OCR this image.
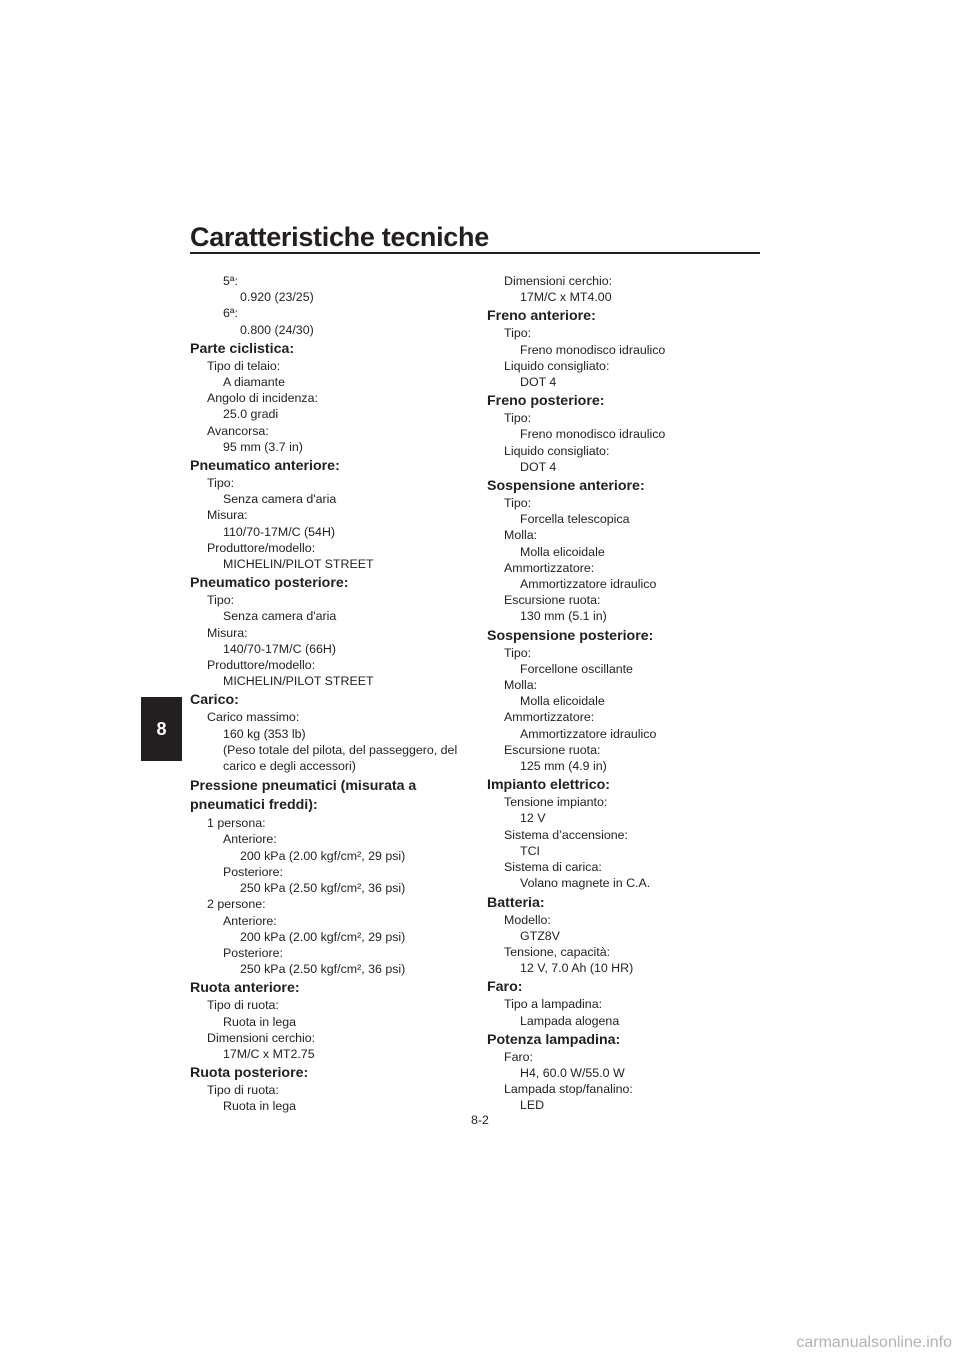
Caratteristiche tecniche
8
5ª:
0.920 (23/25)
6ª:
0.800 (24/30)
Parte ciclistica:
Tipo di telaio:
A diamante
Angolo di incidenza:
25.0 gradi
Avancorsa:
95 mm (3.7 in)
Pneumatico anteriore:
Tipo:
Senza camera d'aria
Misura:
110/70-17M/C (54H)
Produttore/modello:
MICHELIN/PILOT STREET
Pneumatico posteriore:
Tipo:
Senza camera d'aria
Misura:
140/70-17M/C (66H)
Produttore/modello:
MICHELIN/PILOT STREET
Carico:
Carico massimo:
160 kg (353 lb)
(Peso totale del pilota, del passeggero, del
carico e degli accessori)
Pressione pneumatici (misurata a
pneumatici freddi):
1 persona:
Anteriore:
200 kPa (2.00 kgf/cm², 29 psi)
Posteriore:
250 kPa (2.50 kgf/cm², 36 psi)
2 persone:
Anteriore:
200 kPa (2.00 kgf/cm², 29 psi)
Posteriore:
250 kPa (2.50 kgf/cm², 36 psi)
Ruota anteriore:
Tipo di ruota:
Ruota in lega
Dimensioni cerchio:
17M/C x MT2.75
Ruota posteriore:
Tipo di ruota:
Ruota in lega
Dimensioni cerchio:
17M/C x MT4.00
Freno anteriore:
Tipo:
Freno monodisco idraulico
Liquido consigliato:
DOT 4
Freno posteriore:
Tipo:
Freno monodisco idraulico
Liquido consigliato:
DOT 4
Sospensione anteriore:
Tipo:
Forcella telescopica
Molla:
Molla elicoidale
Ammortizzatore:
Ammortizzatore idraulico
Escursione ruota:
130 mm (5.1 in)
Sospensione posteriore:
Tipo:
Forcellone oscillante
Molla:
Molla elicoidale
Ammortizzatore:
Ammortizzatore idraulico
Escursione ruota:
125 mm (4.9 in)
Impianto elettrico:
Tensione impianto:
12 V
Sistema d’accensione:
TCI
Sistema di carica:
Volano magnete in C.A.
Batteria:
Modello:
GTZ8V
Tensione, capacità:
12 V, 7.0 Ah (10 HR)
Faro:
Tipo a lampadina:
Lampada alogena
Potenza lampadina:
Faro:
H4, 60.0 W/55.0 W
Lampada stop/fanalino:
LED
8-2
carmanualsonline.info
